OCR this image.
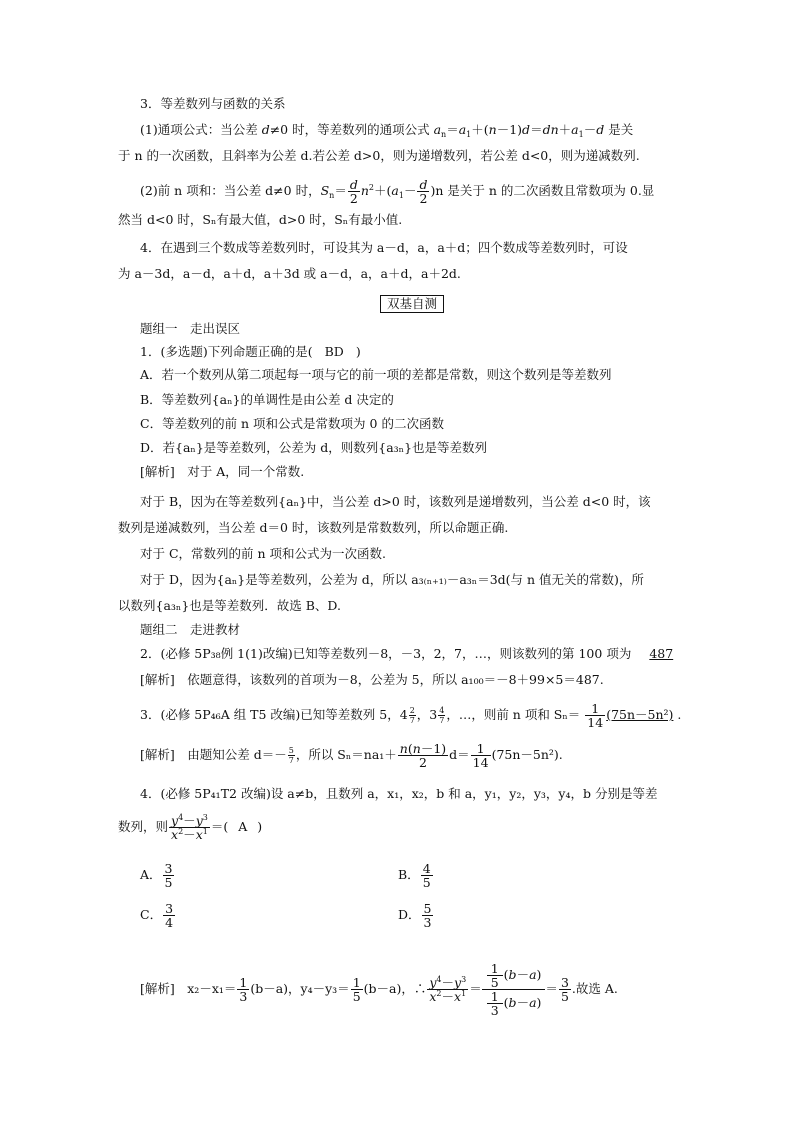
3．等差数列与函数的关系
(1)通项公式：当公差 d≠0 时，等差数列的通项公式 $a_n=a_1+(n-1)d=dn+a_1-d$ 是关
于 n 的一次函数，且斜率为公差 d.若公差 d>0，则为递增数列，若公差 d<0，则为递减数列.
(2)前 n 项和：当公差 d≠0 时，$S_n= \frac{d}{2} n^2+(a_1- \frac{d}{2} )n$ 是关于 n 的二次函数且常数项为 0.显
然当 d<0 时，Sₙ有最大值，d>0 时，Sₙ有最小值.
4．在遇到三个数成等差数列时，可设其为 a－d，a，a＋d；四个数成等差数列时，可设
为 a－3d，a－d，a＋d，a＋3d 或 a－d，a，a＋d，a＋2d.
双基自测
题组一　走出误区
1．(多选题)下列命题正确的是( BD )
A．若一个数列从第二项起每一项与它的前一项的差都是常数，则这个数列是等差数列
B．等差数列{aₙ}的单调性是由公差 d 决定的
C．等差数列的前 n 项和公式是常数项为 0 的二次函数
D．若{aₙ}是等差数列，公差为 d，则数列{a₃ₙ}也是等差数列
[解析]　对于 A，同一个常数.
对于 B，因为在等差数列{aₙ}中，当公差 d>0 时，该数列是递增数列，当公差 d<0 时，该
数列是递减数列，当公差 d＝0 时，该数列是常数数列，所以命题正确.
对于 C，常数列的前 n 项和公式为一次函数.
对于 D，因为{aₙ}是等差数列，公差为 d，所以 a₃₍ₙ₊₁₎－a₃ₙ＝3d(与 n 值无关的常数)，所
以数列{a₃ₙ}也是等差数列．故选 B、D.
题组二　走进教材
2．(必修 5P₃₈例 1(1)改编)已知等差数列－8，－3，2，7，…，则该数列的第 100 项为 487
[解析]　依题意得，该数列的首项为－8，公差为 5，所以 a₁₀₀＝－8＋99×5＝487.
3．(必修 5P₄₆A 组 T5 改编)已知等差数列 5，$4 \frac{2}{7}$ ，$3 \frac{4}{7}$ ，…，则前 n 项和 $S_n= \frac{1}{14} (75n-5n^2)$ .
[解析]　由题知公差 $d=- \frac{5}{7}$ ，所以 $S_n=na_1+ \frac{n(n-1)}{2} d= \frac{1}{14} (75n-5n^2)$.
4．(必修 5P₄₁T2 改编)设 a≠b，且数列 a，x₁，x₂，b 和 a，y₁，y₂，y₃，y₄，b 分别是等差
数列，则 $\frac{y^4-y^3}{x^2-x^1}$ ＝( A )
A． $\frac{3}{5}$	B． $\frac{4}{5}$
C． $\frac{3}{4}$	D． $\frac{5}{3}$
[解析]　$x_2-x_1= \frac{1}{3} (b-a)$，$y_4-y_3= \frac{1}{5} (b-a)$，∴ $\frac{y^4-y^3}{x^2-x^1} = \frac{\frac{1}{5} (b-a)}{\frac{1}{3} (b-a)} = \frac{3}{5}$ .故选 A.
